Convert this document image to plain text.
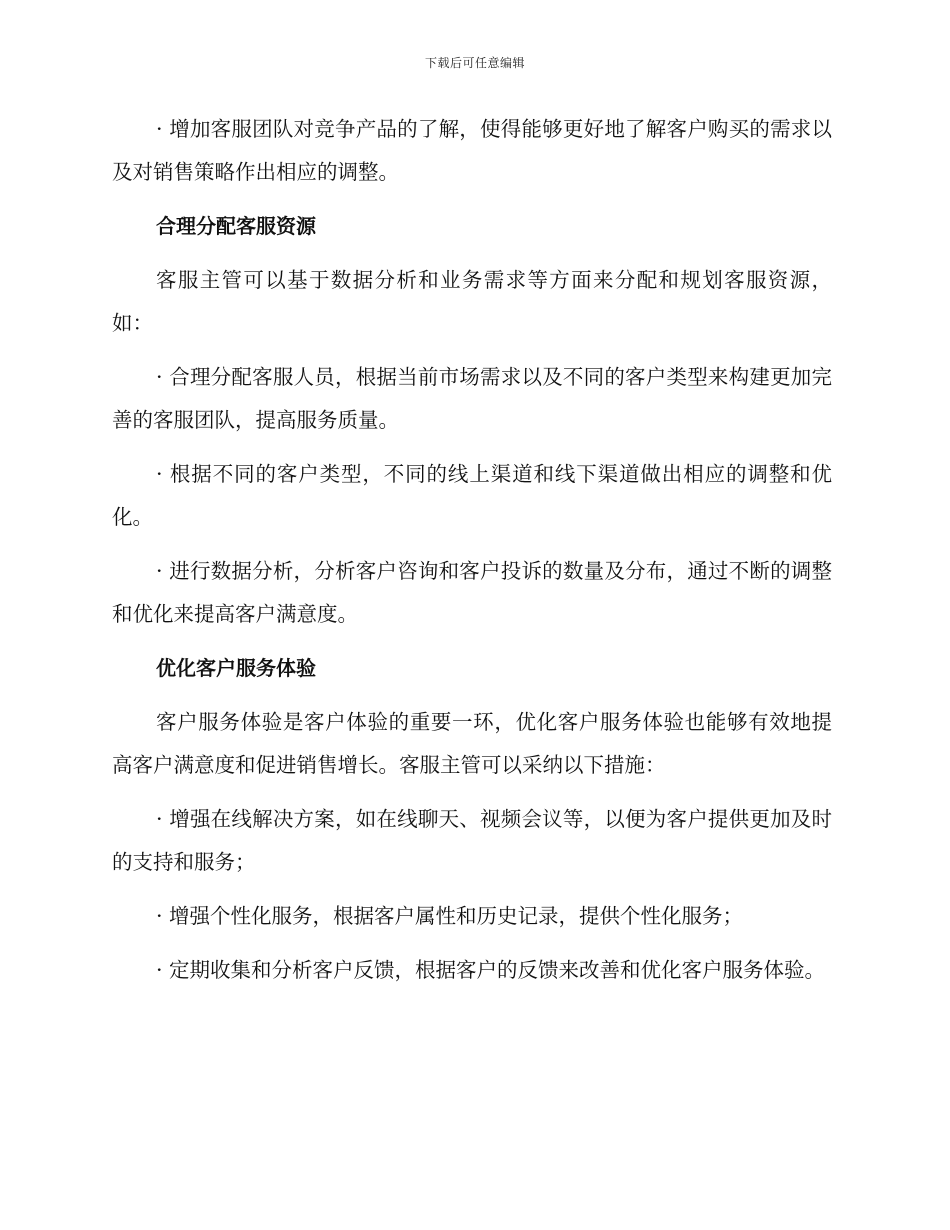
下载后可任意编辑

· 增加客服团队对竞争产品的了解，使得能够更好地了解客户购买的需求以及对销售策略作出相应的调整。

合理分配客服资源

客服主管可以基于数据分析和业务需求等方面来分配和规划客服资源，如：

· 合理分配客服人员，根据当前市场需求以及不同的客户类型来构建更加完善的客服团队，提高服务质量。

· 根据不同的客户类型，不同的线上渠道和线下渠道做出相应的调整和优化。

· 进行数据分析，分析客户咨询和客户投诉的数量及分布，通过不断的调整和优化来提高客户满意度。

优化客户服务体验

客户服务体验是客户体验的重要一环，优化客户服务体验也能够有效地提高客户满意度和促进销售增长。客服主管可以采纳以下措施：

· 增强在线解决方案，如在线聊天、视频会议等，以便为客户提供更加及时的支持和服务；

· 增强个性化服务，根据客户属性和历史记录，提供个性化服务；

· 定期收集和分析客户反馈，根据客户的反馈来改善和优化客户服务体验。
